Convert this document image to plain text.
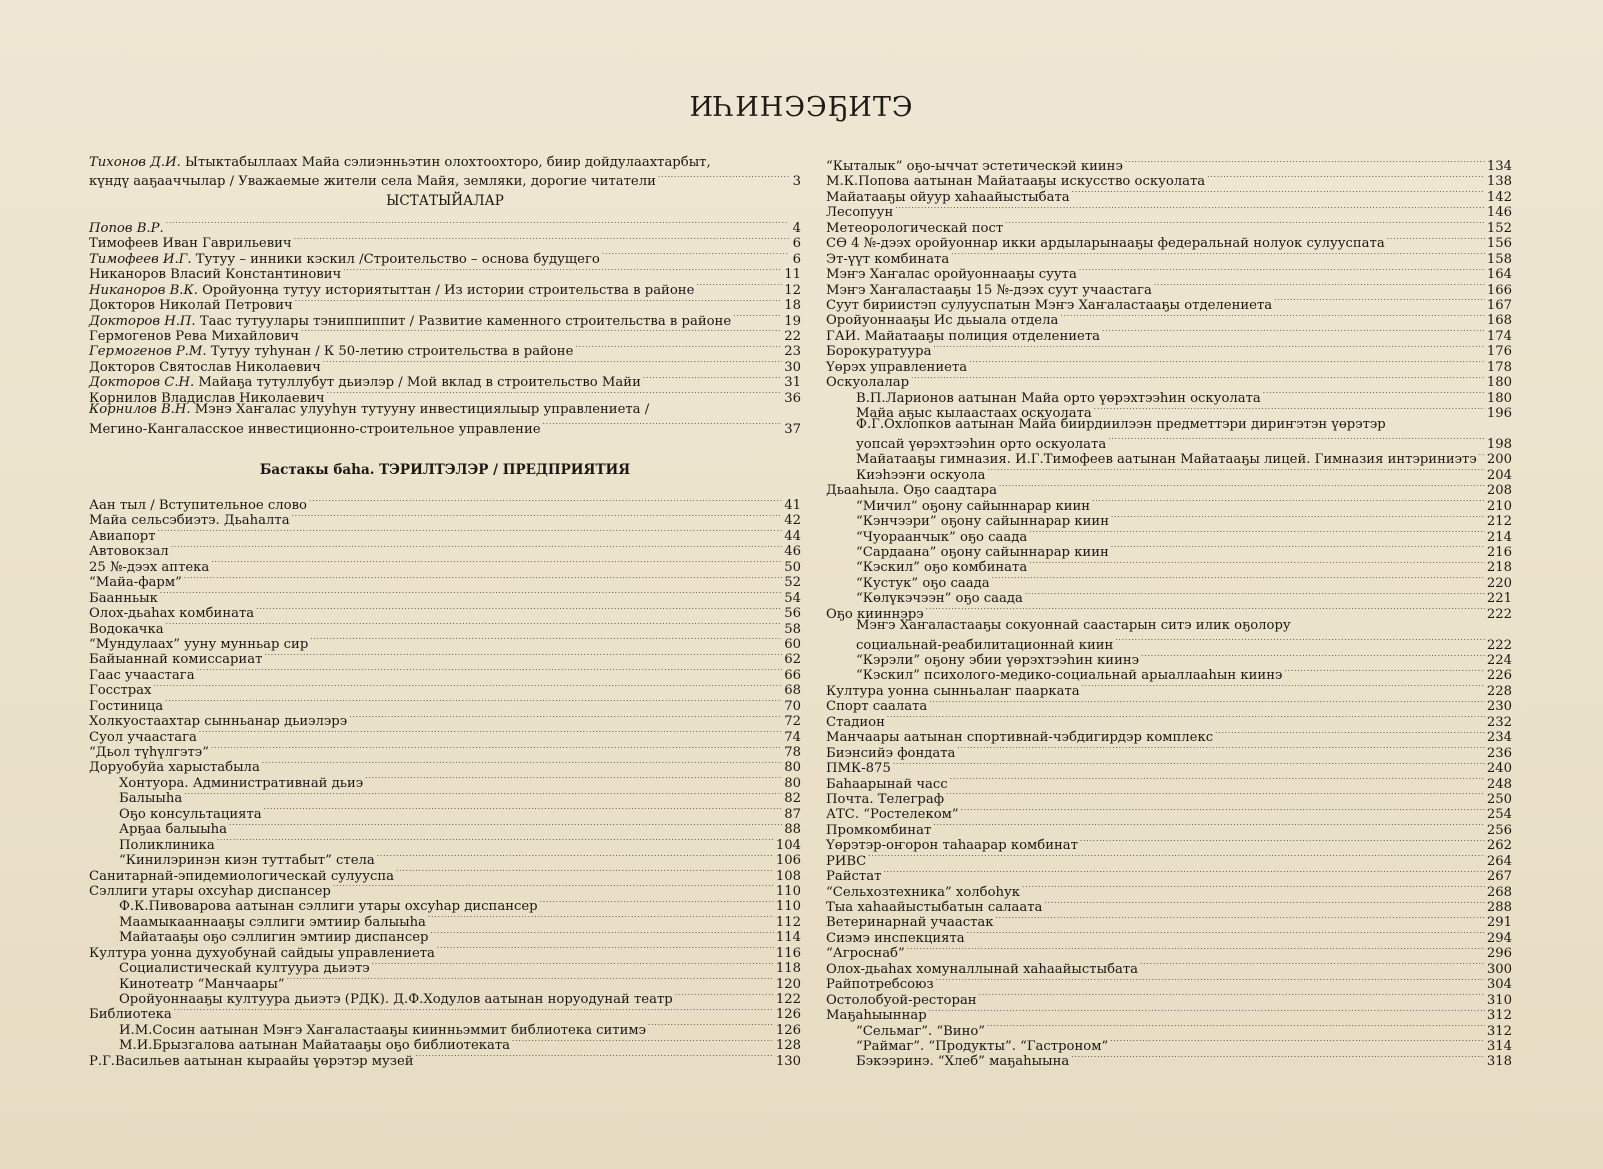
ИҺИНЭЭҔИТЭ
Тихонов Д.И. Ытыктабыллаах Майа сэлиэнньэтин олохтоохторо, биир дойдулаахтарбыт,
күндү ааҕааччылар / Уважаемые жители села Майя, земляки, дорогие читатели .....	3
ЫСТАТЫЙАЛАР
Попов В.Р. .....	4
Тимофеев Иван Гаврильевич .....	6
Тимофеев И.Г. Тутуу – инники кэскил /Строительство – основа будущего .....	6
Никаноров Власий Константинович .....	11
Никаноров В.К. Оройуонңа тутуу историятыттан / Из истории строительства в районе .....	12
Докторов Николай Петрович .....	18
Докторов Н.П. Таас тутуулары тэниппиппит / Развитие каменного строительства в районе .....	19
Гермогенов Рева Михайлович .....	22
Гермогенов Р.М. Тутуу туһунан / К 50-летию строительства в районе .....	23
Докторов Святослав Николаевич .....	30
Докторов С.Н. Майаҕа тутуллубут дьиэлэр / Мой вклад в строительство Майи .....	31
Корнилов Владислав Николаевич .....	36
Корнилов В.Н. Мэнэ Хаҥалас улууһун тутууну инвестициялыыр управлениета /
Мегино-Кангаласское инвестиционно-строительное управление .....	37
Бастакы баһа. ТЭРИЛТЭЛЭР / ПРЕДПРИЯТИЯ
Аан тыл / Вступительное слово .....	41
Майа сельсэбиэтэ. Дьаһалта .....	42
Авиапорт .....	44
Автовокзал .....	46
25 №-дээх аптека .....	50
“Майа-фарм” .....	52
Баанньык .....	54
Олох-дьаһах комбината .....	56
Водокачка .....	58
“Мундулаах” ууну мунньар сир .....	60
Байыаннай комиссариат .....	62
Гаас учаастага .....	66
Госстрах .....	68
Гостиница .....	70
Холкуостаахтар сынньанар дьиэлэрэ .....	72
Суол учаастага .....	74
“Дьол түһүлгэтэ” .....	78
Доруобуйа харыстабыла .....	80
Хонтуора. Административнай дьиэ .....	80
Балыыһа .....	82
Оҕо консультацията .....	87
Арҕаа балыыһа .....	88
Поликлиника .....	104
“Кинилэринэн киэн туттабыт” стела .....	106
Санитарнай-эпидемиологическай сулууспа .....	108
Сэллиги утары охсуһар диспансер .....	110
Ф.К.Пивоварова аатынан сэллиги утары охсуһар диспансер .....	110
Маамыкааннааҕы сэллиги эмтиир балыыһа .....	112
Майатааҕы оҕо сэллигин эмтиир диспансер .....	114
Култура уонна духуобунай сайдыы управлениета .....	116
Социалистическай култуура дьиэтэ .....	118
Кинотеатр “Манчаары” .....	120
Оройуоннааҕы култуура дьиэтэ (РДК). Д.Ф.Ходулов аатынан норуодунай театр .....	122
Библиотека .....	126
И.М.Сосин аатынан Мэҥэ Хаҥаластааҕы киинньэммит библиотека ситимэ .....	126
М.И.Брызгалова аатынан Майатааҕы оҕо библиотеката .....	128
Р.Г.Васильев аатынан кыраайы үөрэтэр музей .....	130
“Кыталык” оҕо-ыччат эстетическэй киинэ .....	134
М.К.Попова аатынан Майатааҕы искусство оскуолата .....	138
Майатааҕы ойуур хаһаайыстыбата .....	142
Лесопуун .....	146
Метеорологическай пост .....	152
СӨ 4 №-дээх оройуоннар икки ардыларынааҕы федеральнай нолуок сулууспата .....	156
Эт-үүт комбината .....	158
Мэҥэ Хаҥалас оройуоннааҕы суута .....	164
Мэҥэ Хаҥаластааҕы 15 №-дээх суут учаастага .....	166
Суут бириистэп сулууспатын Мэҥэ Хаҥаластааҕы отделениета .....	167
Оройуоннааҕы Ис дьыала отдела .....	168
ГАИ. Майатааҕы полиция отделениета .....	174
Борокуратуура .....	176
Үөрэх управлениета .....	178
Оскуолалар .....	180
В.П.Ларионов аатынан Майа орто үөрэхтээһин оскуолата .....	180
Майа аҕыс кылаастаах оскуолата .....	196
Ф.Г.Охлопков аатынан Майа биирдиилээн предметтэри дириҥэтэн үөрэтэр
уопсай үөрэхтээһин орто оскуолата .....	198
Майатааҕы гимназия. И.Г.Тимофеев аатынан Майатааҕы лицей. Гимназия интэриниэтэ ..... 200
Киэһээҥи оскуола .....	204
Дьааһыла. Оҕо саадтара .....	208
“Мичил” оҕону сайыннарар киин .....	210
“Кэнчээри” оҕону сайыннарар киин .....	212
“Чуораанчык” оҕо саада .....	214
“Сардаана” оҕону сайыннарар киин .....	216
“Кэскил” оҕо комбината .....	218
“Кустук” оҕо саада .....	220
“Көлүкэчээн” оҕо саада .....	221
Оҕо кииннэрэ .....	222
Мэҥэ Хаҥаластааҕы сокуоннай саастарын ситэ илик оҕолору
социальнай-реабилитационнай киин .....	222
“Кэрэли” оҕону эбии үөрэхтээһин киинэ .....	224
“Кэскил” психолого-медико-социальнай арыаллааһын киинэ .....	226
Култура уонна сынньалаҥ паарката .....	228
Спорт саалата .....	230
Стадион .....	232
Манчаары аатынан спортивнай-чэбдигирдэр комплекс .....	234
Биэнсийэ фондата .....	236
ПМК-875 .....	240
Баһаарынай часс .....	248
Почта. Телеграф .....	250
АТС. “Ростелеком” .....	254
Промкомбинат .....	256
Үөрэтэр-оҥорон таһаарар комбинат .....	262
РИВС .....	264
Райстат .....	267
“Сельхозтехника” холбоһук .....	268
Тыа хаһаайыстыбатын салаата .....	288
Ветеринарнай учаастак .....	291
Сиэмэ инспекцията .....	294
“Агроснаб” .....	296
Олох-дьаһах хомуналлынай хаһаайыстыбата .....	300
Райпотребсоюз .....	304
Остолобуой-ресторан .....	310
Маҕаһыыннар .....	312
“Сельмаг”. “Вино” .....	312
“Раймаг”. “Продукты”. “Гастроном” .....	314
Бэкээринэ. “Хлеб” маҕаһыына .....	318
